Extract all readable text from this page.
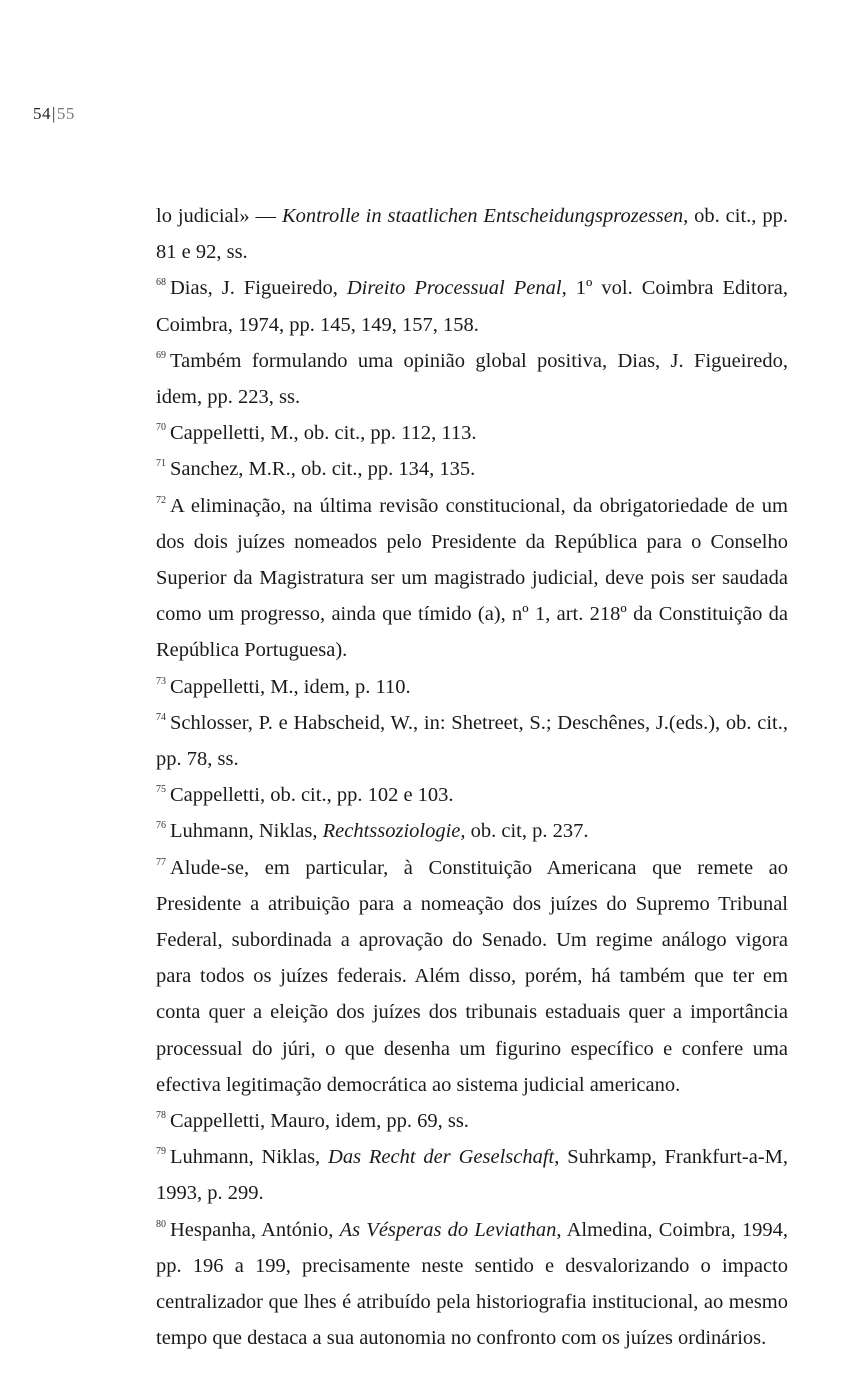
54|55

lo judicial» — Kontrolle in staatlichen Entscheidungsprozessen, ob. cit., pp. 81 e 92, ss.

$^{68}$ Dias, J. Figueiredo, Direito Processual Penal, 1º vol. Coimbra Editora, Coimbra, 1974, pp. 145, 149, 157, 158.

$^{69}$ Também formulando uma opinião global positiva, Dias, J. Figueiredo, idem, pp. 223, ss.

$^{70}$ Cappelletti, M., ob. cit., pp. 112, 113.

$^{71}$ Sanchez, M.R., ob. cit., pp. 134, 135.

$^{72}$ A eliminação, na última revisão constitucional, da obrigatoriedade de um dos dois juízes nomeados pelo Presidente da República para o Conselho Superior da Magistratura ser um magistrado judicial, deve pois ser saudada como um progresso, ainda que tímido (a), nº 1, art. 218º da Constituição da República Portuguesa).

$^{73}$ Cappelletti, M., idem, p. 110.

$^{74}$ Schlosser, P. e Habscheid, W., in: Shetreet, S.; Deschênes, J.(eds.), ob. cit., pp. 78, ss.

$^{75}$ Cappelletti, ob. cit., pp. 102 e 103.

$^{76}$ Luhmann, Niklas, Rechtssoziologie, ob. cit, p. 237.

$^{77}$ Alude-se, em particular, à Constituição Americana que remete ao Presidente a atribuição para a nomeação dos juízes do Supremo Tribunal Federal, subordinada a aprovação do Senado. Um regime análogo vigora para todos os juízes federais. Além disso, porém, há também que ter em conta quer a eleição dos juízes dos tribunais estaduais quer a importância processual do júri, o que desenha um figurino específico e confere uma efectiva legitimação democrática ao sistema judicial americano.

$^{78}$ Cappelletti, Mauro, idem, pp. 69, ss.

$^{79}$ Luhmann, Niklas, Das Recht der Geselschaft, Suhrkamp, Frankfurt-a-M, 1993, p. 299.

$^{80}$ Hespanha, António, As Vésperas do Leviathan, Almedina, Coimbra, 1994, pp. 196 a 199, precisamente neste sentido e desvalorizando o impacto centralizador que lhes é atribuído pela historiografia institucional, ao mesmo tempo que destaca a sua autonomia no confronto com os juízes ordinários.
